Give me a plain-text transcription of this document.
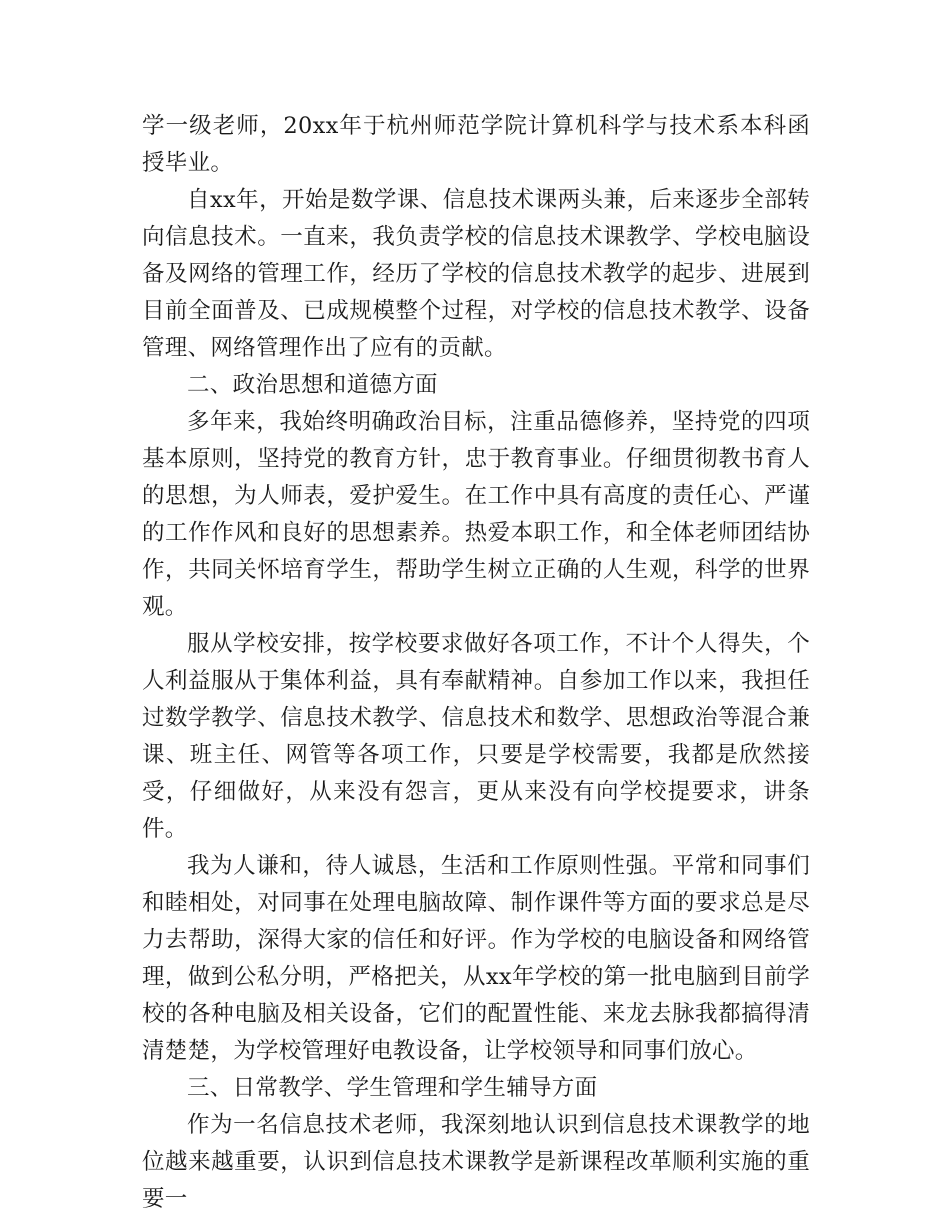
学一级老师，20xx年于杭州师范学院计算机科学与技术系本科函授毕业。

自xx年，开始是数学课、信息技术课两头兼，后来逐步全部转向信息技术。一直来，我负责学校的信息技术课教学、学校电脑设备及网络的管理工作，经历了学校的信息技术教学的起步、进展到目前全面普及、已成规模整个过程，对学校的信息技术教学、设备管理、网络管理作出了应有的贡献。

二、政治思想和道德方面

多年来，我始终明确政治目标，注重品德修养，坚持党的四项基本原则，坚持党的教育方针，忠于教育事业。仔细贯彻教书育人的思想，为人师表，爱护爱生。在工作中具有高度的责任心、严谨的工作作风和良好的思想素养。热爱本职工作，和全体老师团结协作，共同关怀培育学生，帮助学生树立正确的人生观，科学的世界观。

服从学校安排，按学校要求做好各项工作，不计个人得失，个人利益服从于集体利益，具有奉献精神。自参加工作以来，我担任过数学教学、信息技术教学、信息技术和数学、思想政治等混合兼课、班主任、网管等各项工作，只要是学校需要，我都是欣然接受，仔细做好，从来没有怨言，更从来没有向学校提要求，讲条件。

我为人谦和，待人诚恳，生活和工作原则性强。平常和同事们和睦相处，对同事在处理电脑故障、制作课件等方面的要求总是尽力去帮助，深得大家的信任和好评。作为学校的电脑设备和网络管理，做到公私分明，严格把关，从xx年学校的第一批电脑到目前学校的各种电脑及相关设备，它们的配置性能、来龙去脉我都搞得清清楚楚，为学校管理好电教设备，让学校领导和同事们放心。

三、日常教学、学生管理和学生辅导方面

作为一名信息技术老师，我深刻地认识到信息技术课教学的地位越来越重要，认识到信息技术课教学是新课程改革顺利实施的重要一
